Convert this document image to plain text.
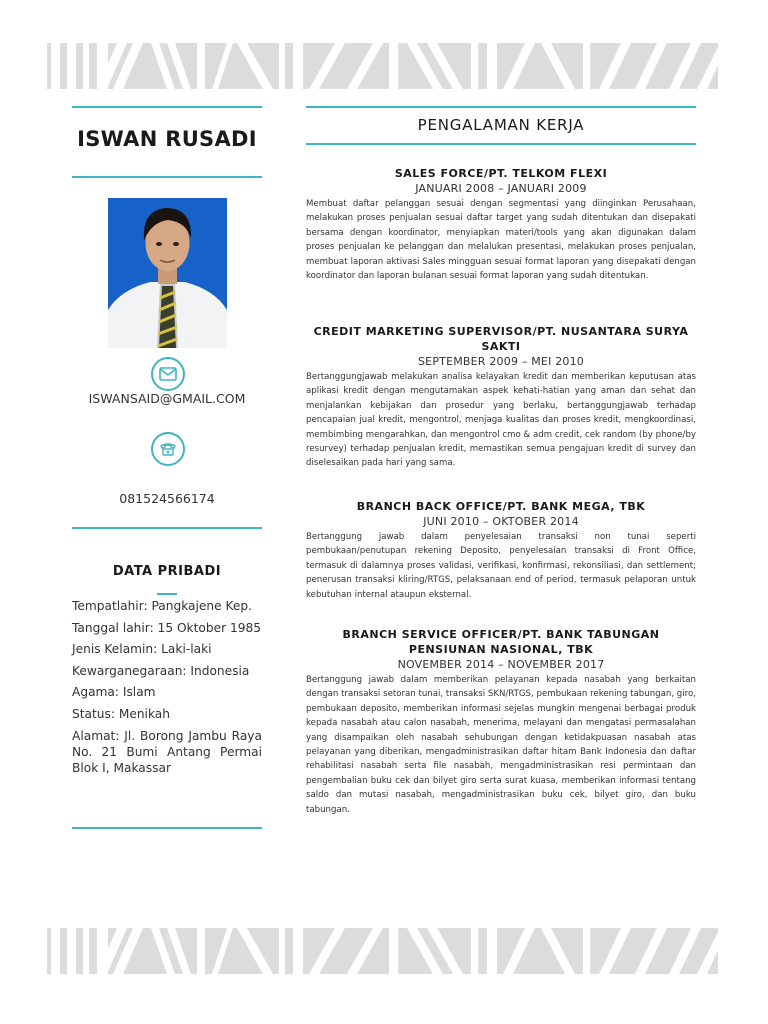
ISWAN RUSADI
ISWANSAID@GMAIL.COM
081524566174
DATA PRIBADI
Tempatlahir: Pangkajene Kep.
Tanggal lahir: 15 Oktober 1985
Jenis Kelamin: Laki-laki
Kewarganegaraan: Indonesia
Agama: Islam
Status: Menikah
Alamat: Jl. Borong Jambu Raya No. 21 Bumi Antang Permai Blok I, Makassar
PENGALAMAN KERJA
SALES FORCE/PT. TELKOM FLEXI
JANUARI 2008 – JANUARI 2009
Membuat daftar pelanggan sesuai dengan segmentasi yang diinginkan Perusahaan, melakukan proses penjualan sesuai daftar target yang sudah ditentukan dan disepakati bersama dengan koordinator, menyiapkan materi/tools yang akan digunakan dalam proses penjualan ke pelanggan dan melalukan presentasi, melakukan proses penjualan, membuat laporan aktivasi Sales mingguan sesuai format laporan yang disepakati dengan koordinator dan laporan bulanan sesuai format laporan yang sudah ditentukan.
CREDIT MARKETING SUPERVISOR/PT. NUSANTARA SURYA SAKTI
SEPTEMBER 2009 – MEI 2010
Bertanggungjawab melakukan analisa kelayakan kredit dan memberikan keputusan atas aplikasi kredit dengan mengutamakan aspek kehati-hatian yang aman dan sehat dan menjalankan kebijakan dan prosedur yang berlaku, bertanggungjawab terhadap pencapaian jual kredit, mengontrol, menjaga kualitas dan proses kredit, mengkoordinasi, membimbing mengarahkan, dan mengontrol cmo & adm credit, cek random (by phone/by resurvey) terhadap penjualan kredit, memastikan semua pengajuan kredit di survey dan diselesaikan pada hari yang sama.
BRANCH BACK OFFICE/PT. BANK MEGA, TBK
JUNI 2010 – OKTOBER 2014
Bertanggung jawab dalam penyelesaian transaksi non tunai seperti pembukaan/penutupan rekening Deposito, penyelesaian transaksi di Front Office, termasuk di dalamnya proses validasi, verifikasi, konfirmasi, rekonsiliasi, dan settlement; penerusan transaksi kliring/RTGS, pelaksanaan end of period, termasuk pelaporan untuk kebutuhan internal ataupun eksternal.
BRANCH SERVICE OFFICER/PT. BANK TABUNGAN PENSIUNAN NASIONAL, TBK
NOVEMBER 2014 – NOVEMBER 2017
Bertanggung jawab dalam memberikan pelayanan kepada nasabah yang berkaitan dengan transaksi setoran tunai, transaksi SKN/RTGS, pembukaan rekening tabungan, giro, pembukaan deposito, memberikan informasi sejelas mungkin mengenai berbagai produk kepada nasabah atau calon nasabah, menerima, melayani dan mengatasi permasalahan yang disampaikan oleh nasabah sehubungan dengan ketidakpuasan nasabah atas pelayanan yang diberikan, mengadministrasikan daftar hitam Bank Indonesia dan daftar rehabilitasi nasabah serta file nasabah, mengadministrasikan resi permintaan dan pengembalian buku cek dan bilyet giro serta surat kuasa, memberikan informasi tentang saldo dan mutasi nasabah, mengadministrasikan buku cek, bilyet giro, dan buku tabungan.
